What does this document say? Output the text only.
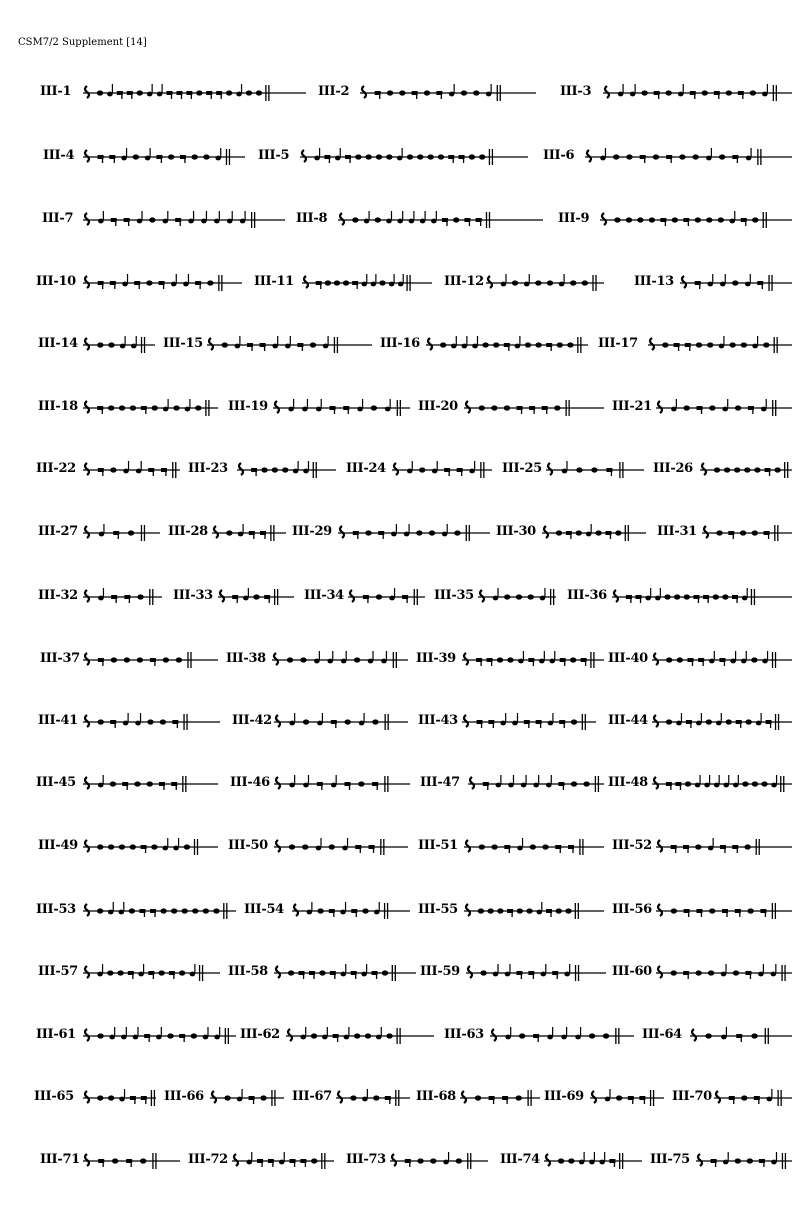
CSM7/2 Supplement [14]
III-1	III-2	III-3
III-4	III-5	III-6
III-7	III-8	III-9
III-10	III-11	III-12	III-13
III-14	III-15	III-16	III-17
III-18	III-19	III-20	III-21
III-22	III-23	III-24	III-25	III-26
III-27	III-28	III-29	III-30	III-31
III-32	III-33	III-34	III-35	III-36
III-37	III-38	III-39	III-40
III-41	III-42	III-43	III-44
III-45	III-46	III-47	III-48
III-49	III-50	III-51	III-52
III-53	III-54	III-55	III-56
III-57	III-58	III-59	III-60
III-61	III-62	III-63	III-64
III-65	III-66	III-67	III-68	III-69	III-70
III-71	III-72	III-73	III-74	III-75
